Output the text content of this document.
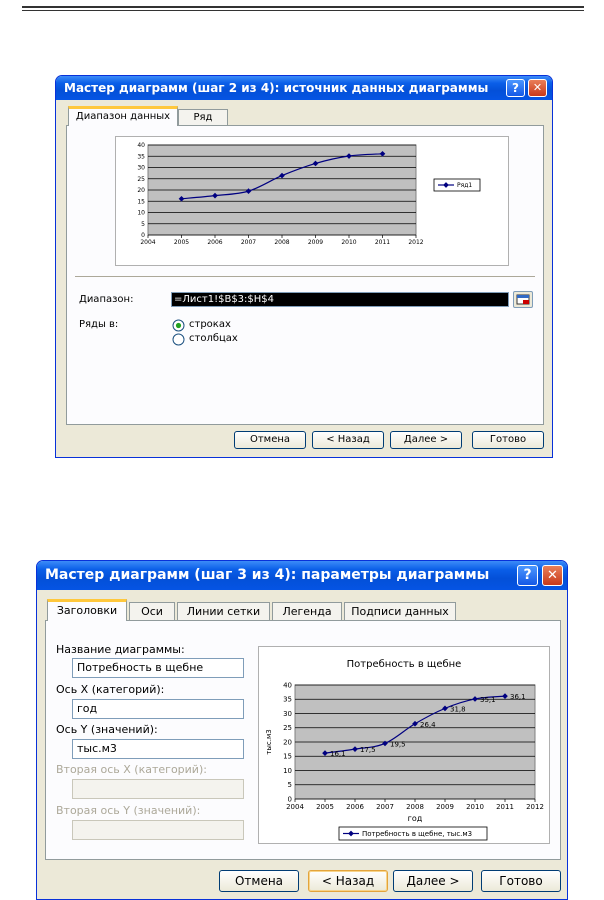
Мастер диаграмм (шаг 2 из 4): источник данных диаграммы	?	✕
Диапазон данных	Ряд
0
5
10
15
20
25
30
35
40
2004	2005	2006	2007	2008	2009	2010	2011	2012
Ряд1
Диапазон:	=Лист1!$B$3:$H$4
Ряды в:	строках
столбцах
Отмена	< Назад	Далее >	Готово
Мастер диаграмм (шаг 3 из 4): параметры диаграммы	?	✕
Заголовки	Оси	Линии сетки	Легенда	Подписи данных
Название диаграммы:
Потребность в щебне
Ось X (категорий):
год
Ось Y (значений):
тыс.м3
Вторая ось X (категорий):
Вторая ось Y (значений):
0
5
10
15
20
25
30
35
40
2004 2005 2006 2007 2008 2009 2010 2011 2012
16,1 17,5
19,5
26,4
31,8
35,1 36,1
Потребность в щебне
год
тыс.м3
Потребность в щебне, тыс.м3
Отмена	< Назад	Далее >	Готово
